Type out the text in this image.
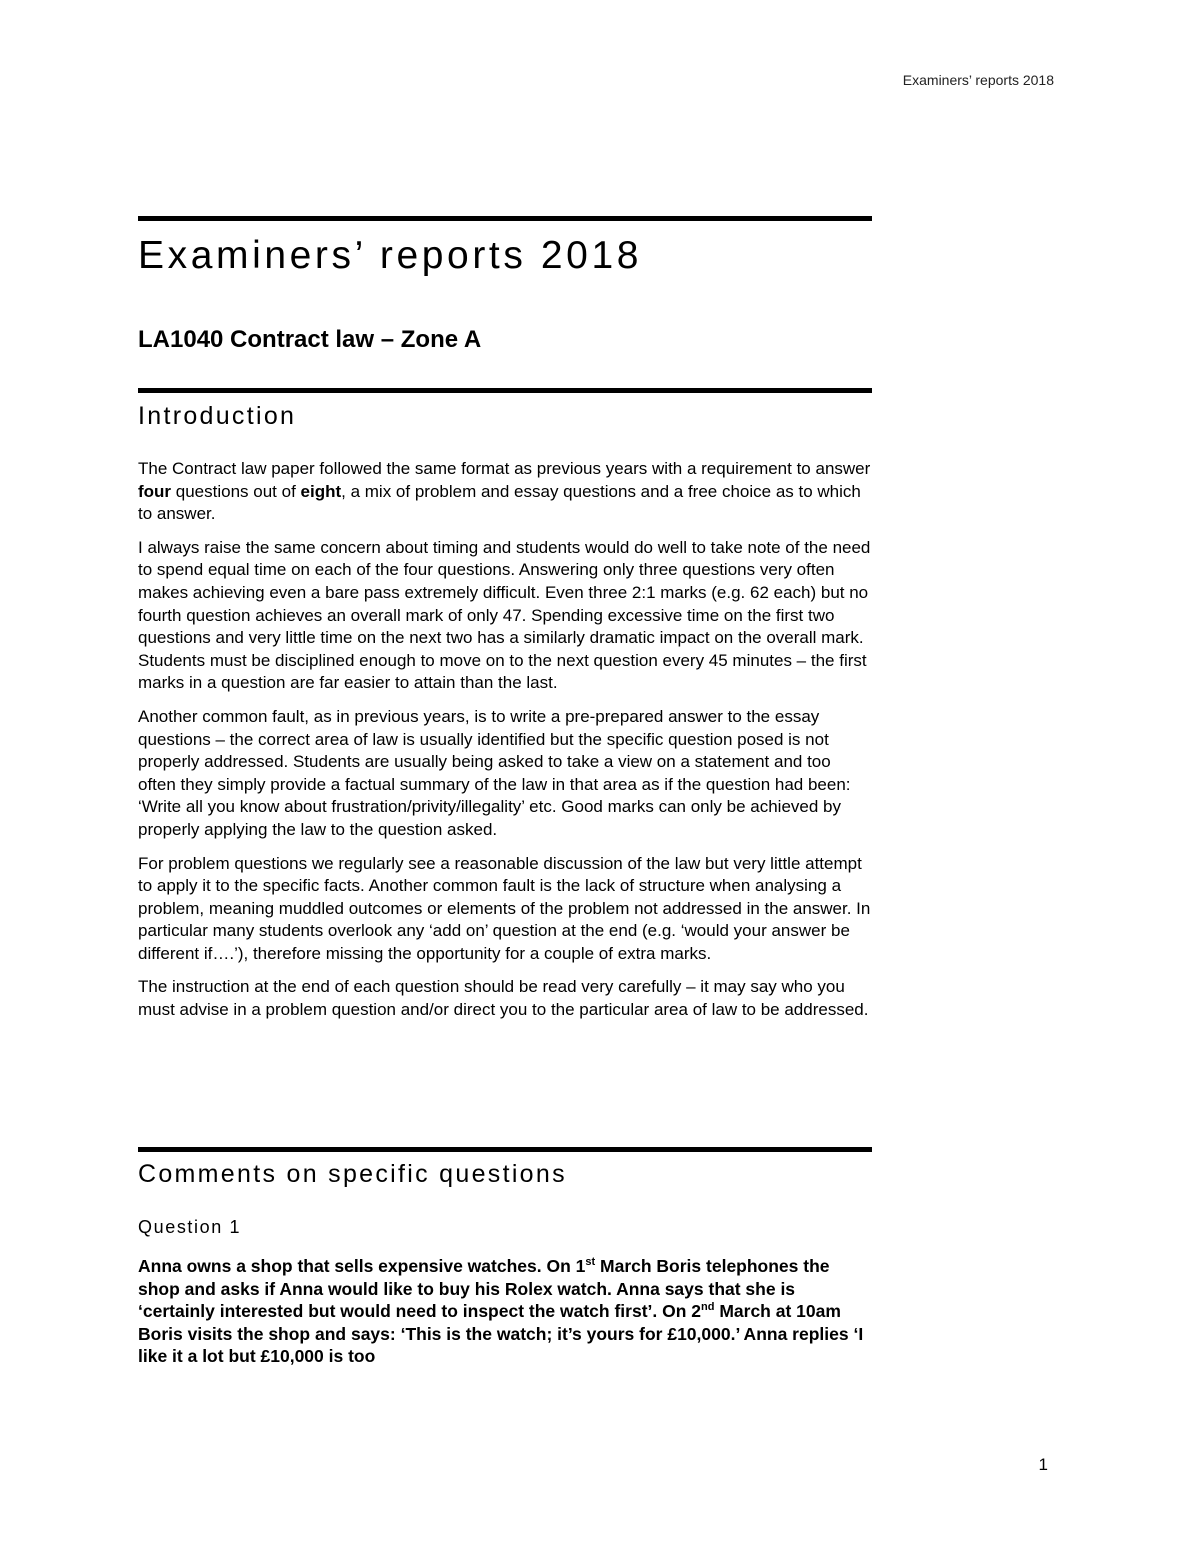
Examiners’ reports 2018
Examiners’ reports 2018
LA1040 Contract law – Zone A
Introduction

The Contract law paper followed the same format as previous years with a requirement to answer four questions out of eight, a mix of problem and essay questions and a free choice as to which to answer.

I always raise the same concern about timing and students would do well to take note of the need to spend equal time on each of the four questions. Answering only three questions very often makes achieving even a bare pass extremely difficult. Even three 2:1 marks (e.g. 62 each) but no fourth question achieves an overall mark of only 47. Spending excessive time on the first two questions and very little time on the next two has a similarly dramatic impact on the overall mark. Students must be disciplined enough to move on to the next question every 45 minutes – the first marks in a question are far easier to attain than the last.

Another common fault, as in previous years, is to write a pre-prepared answer to the essay questions – the correct area of law is usually identified but the specific question posed is not properly addressed. Students are usually being asked to take a view on a statement and too often they simply provide a factual summary of the law in that area as if the question had been: ‘Write all you know about frustration/privity/illegality’ etc. Good marks can only be achieved by properly applying the law to the question asked.

For problem questions we regularly see a reasonable discussion of the law but very little attempt to apply it to the specific facts. Another common fault is the lack of structure when analysing a problem, meaning muddled outcomes or elements of the problem not addressed in the answer. In particular many students overlook any ‘add on’ question at the end (e.g. ‘would your answer be different if….’), therefore missing the opportunity for a couple of extra marks.

The instruction at the end of each question should be read very carefully – it may say who you must advise in a problem question and/or direct you to the particular area of law to be addressed.

Comments on specific questions
Question 1

Anna owns a shop that sells expensive watches. On 1st March Boris telephones the shop and asks if Anna would like to buy his Rolex watch. Anna says that she is ‘certainly interested but would need to inspect the watch first’. On 2nd March at 10am Boris visits the shop and says: ‘This is the watch; it’s yours for £10,000.’ Anna replies ‘I like it a lot but £10,000 is too

1
